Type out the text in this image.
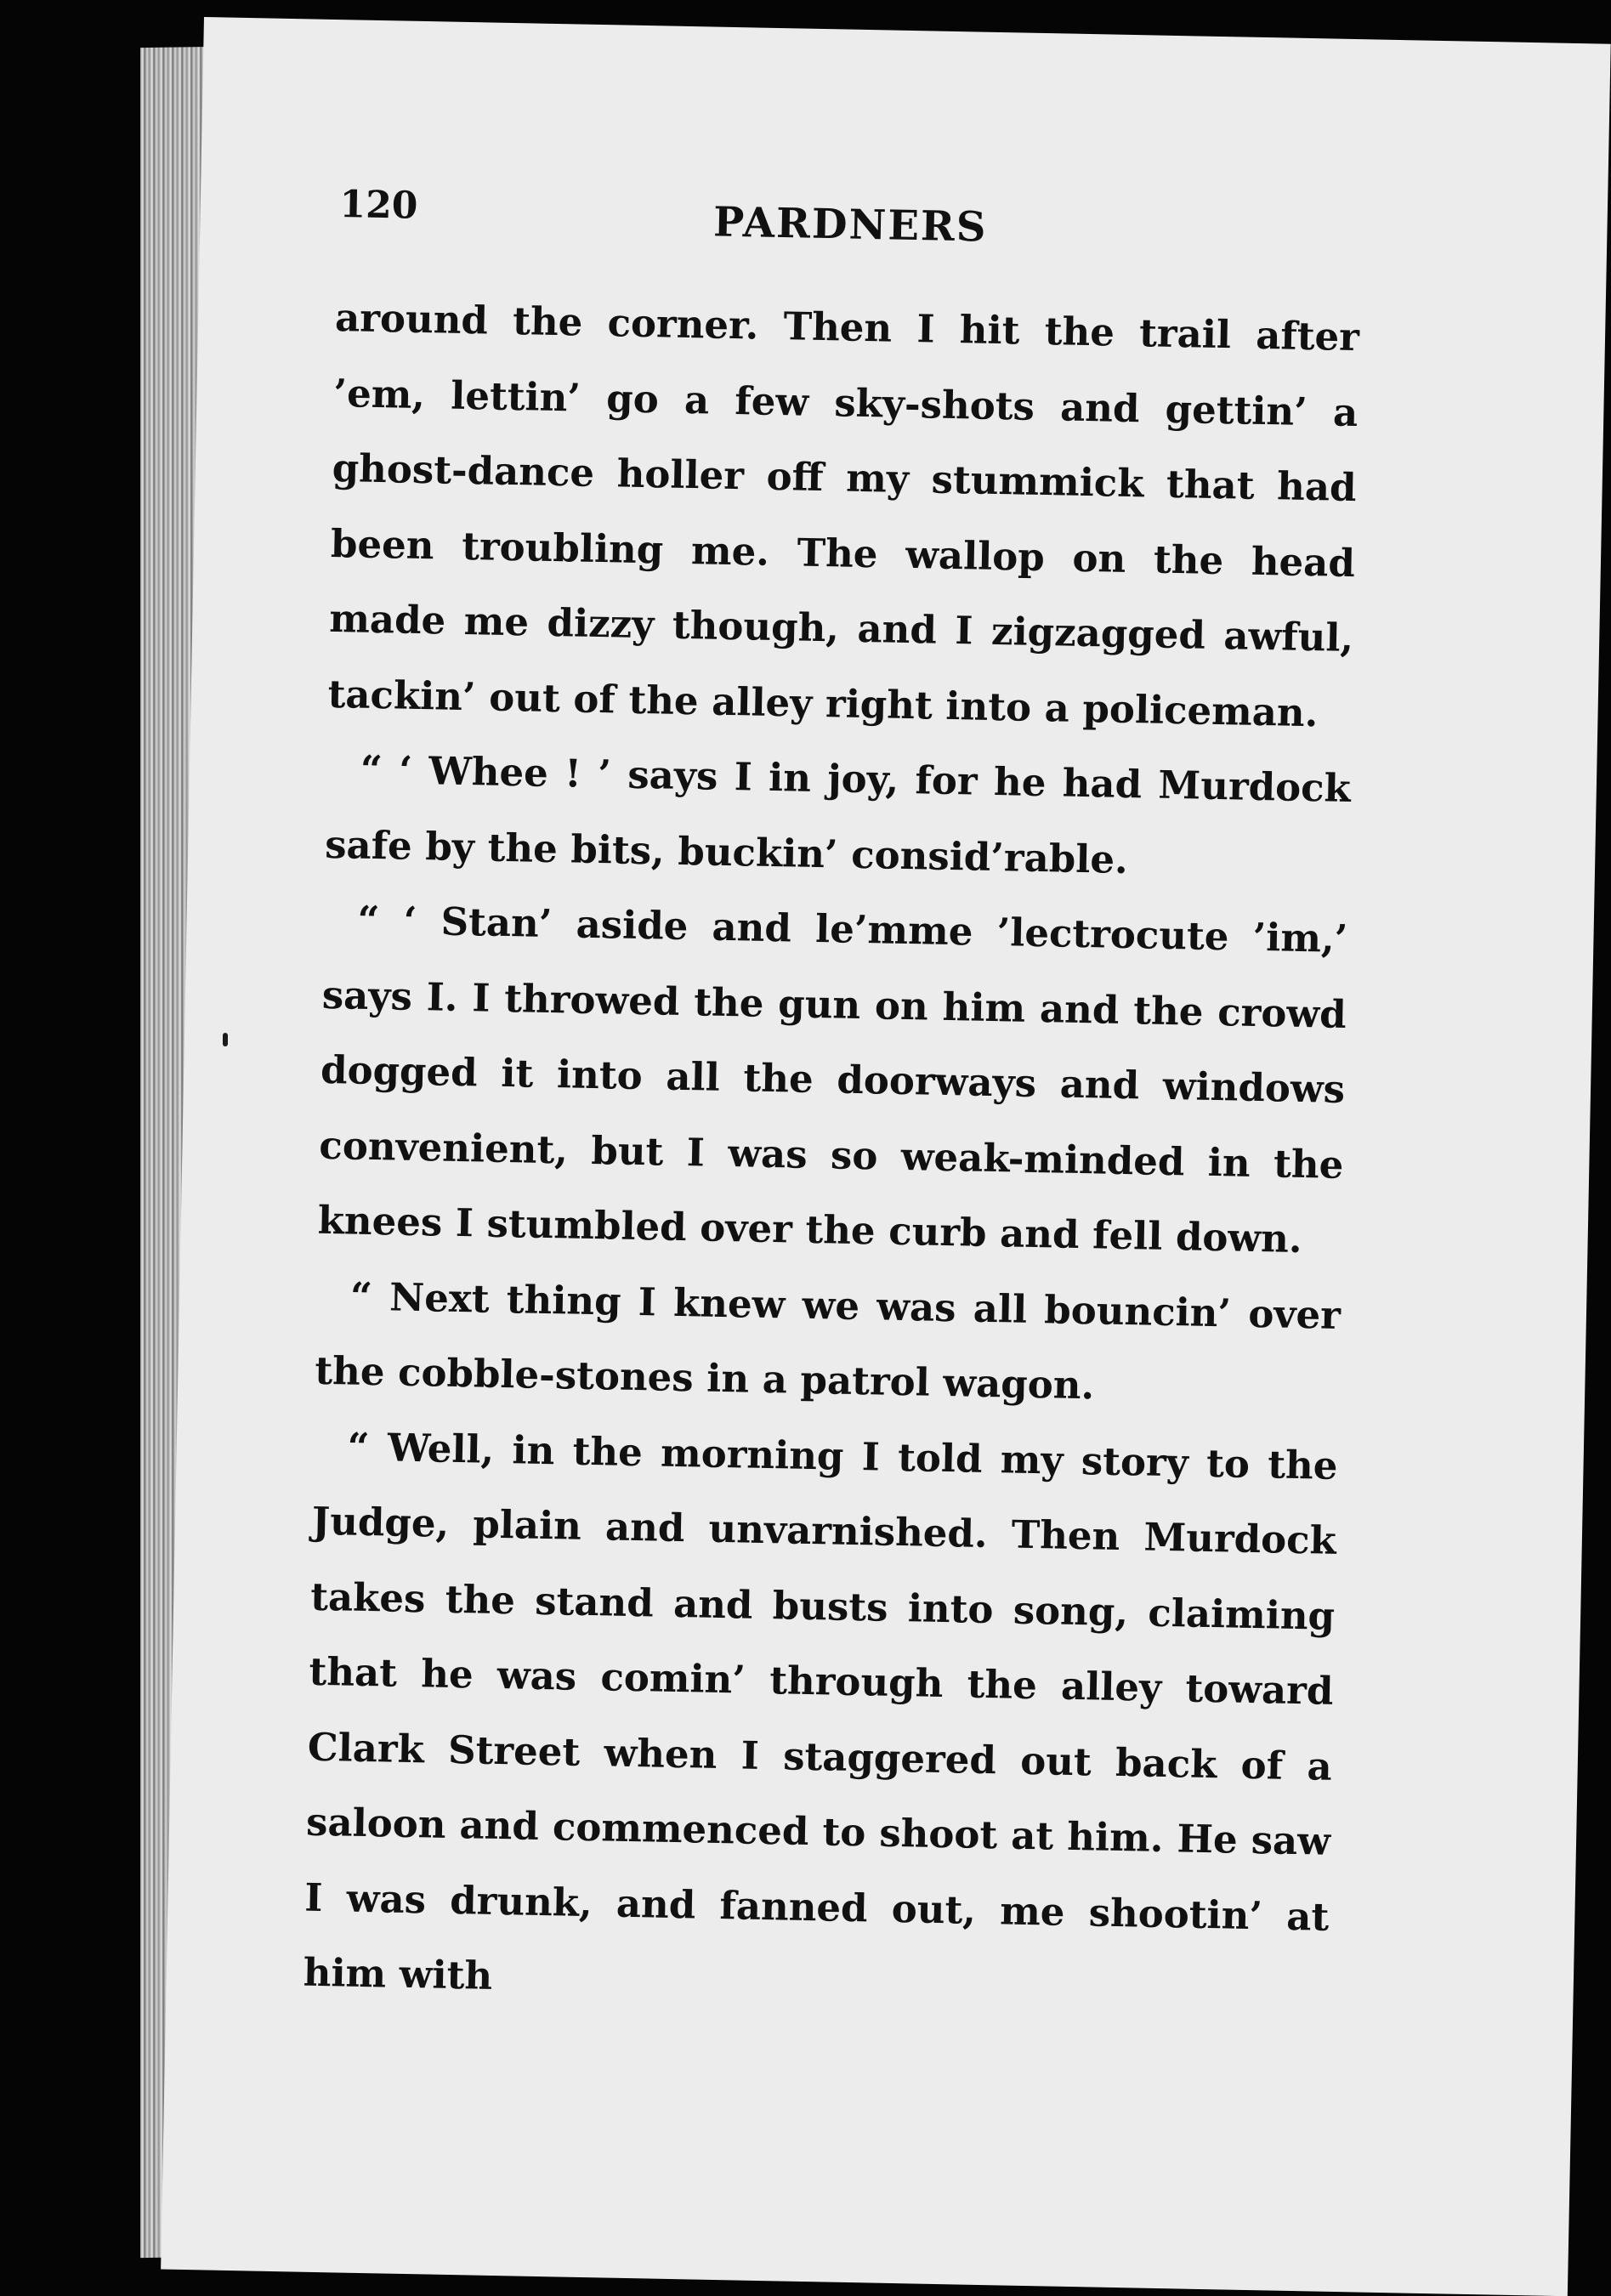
120	PARDNERS

around the corner. Then I hit the trail after ’em, lettin’ go a few sky-shots and gettin’ a ghost-dance holler off my stummick that had been troubling me. The wallop on the head made me dizzy though, and I zigzagged awful, tackin’ out of the alley right into a policeman.

“ ‘ Whee ! ’ says I in joy, for he had Murdock safe by the bits, buckin’ consid’rable.

“ ‘ Stan’ aside and le’mme ’lectrocute ’im,’ says I. I throwed the gun on him and the crowd dogged it into all the doorways and windows convenient, but I was so weak-minded in the knees I stumbled over the curb and fell down.

“ Next thing I knew we was all bouncin’ over the cobble-stones in a patrol wagon.

“ Well, in the morning I told my story to the Judge, plain and unvarnished. Then Murdock takes the stand and busts into song, claiming that he was comin’ through the alley toward Clark Street when I staggered out back of a saloon and commenced to shoot at him. He saw I was drunk, and fanned out, me shootin’ at him with
